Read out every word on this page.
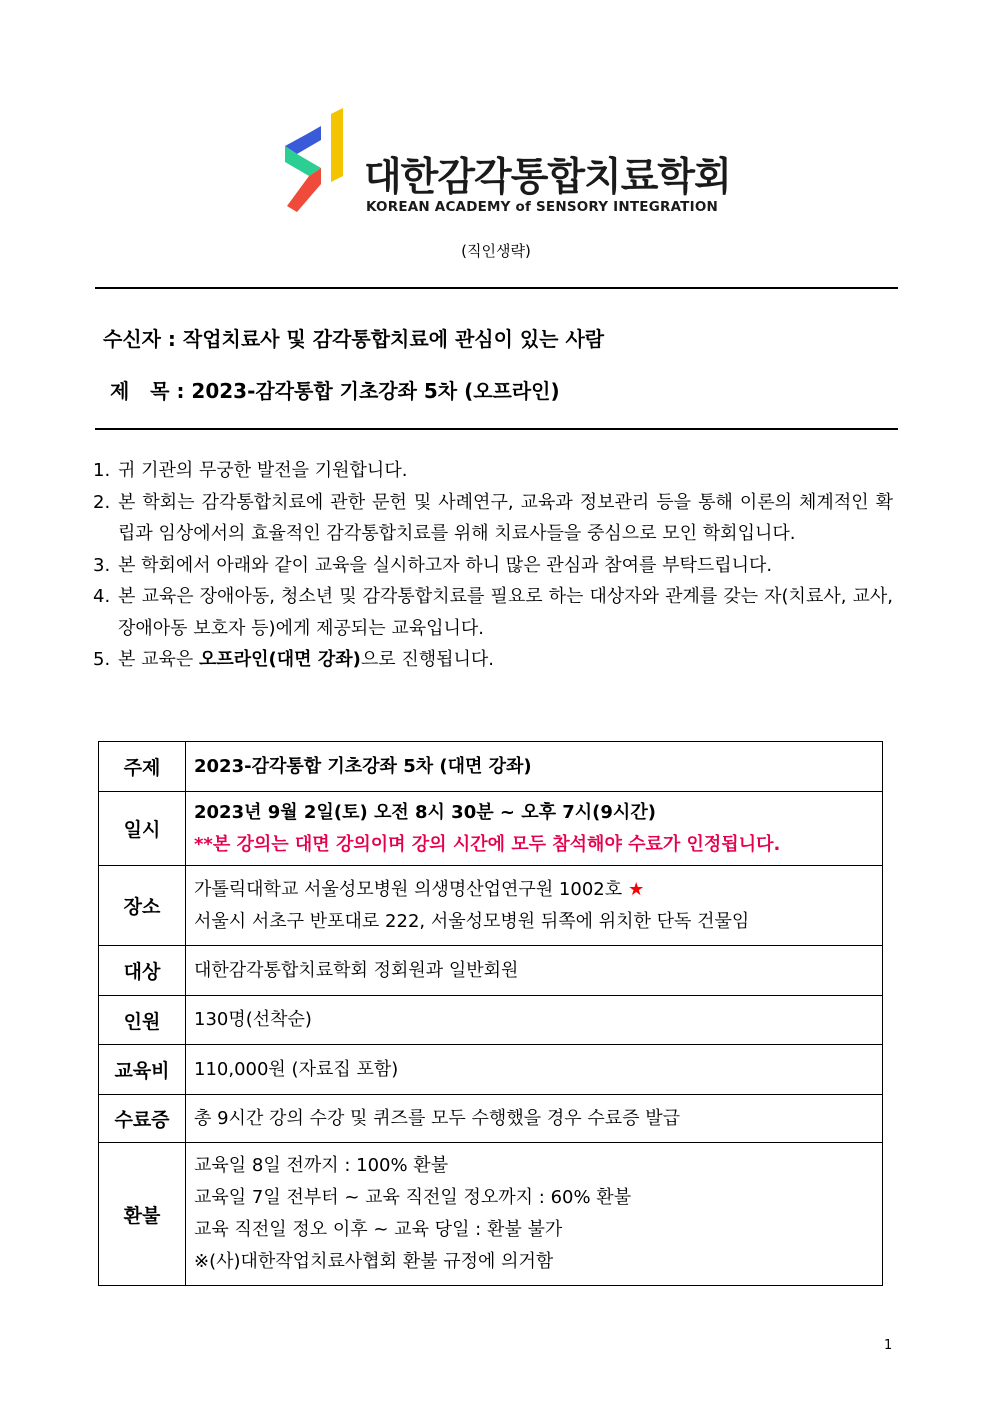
대한감각통합치료학회
KOREAN ACADEMY of SENSORY INTEGRATION
(직인생략)
수신자 : 작업치료사 및 감각통합치료에 관심이 있는 사람
제   목 : 2023-감각통합 기초강좌 5차 (오프라인)
1. 귀 기관의 무궁한 발전을 기원합니다.
2. 본 학회는 감각통합치료에 관한 문헌 및 사례연구, 교육과 정보관리 등을 통해 이론의 체계적인 확립과 임상에서의 효율적인 감각통합치료를 위해 치료사들을 중심으로 모인 학회입니다.
3. 본 학회에서 아래와 같이 교육을 실시하고자 하니 많은 관심과 참여를 부탁드립니다.
4. 본 교육은 장애아동, 청소년 및 감각통합치료를 필요로 하는 대상자와 관계를 갖는 자(치료사, 교사, 장애아동 보호자 등)에게 제공되는 교육입니다.
5. 본 교육은 오프라인(대면 강좌)으로 진행됩니다.
주제	2023-감각통합 기초강좌 5차 (대면 강좌)
일시	2023년 9월 2일(토) 오전 8시 30분 ~ 오후 7시(9시간)
**본 강의는 대면 강의이며 강의 시간에 모두 참석해야 수료가 인정됩니다.

장소	가톨릭대학교 서울성모병원 의생명산업연구원 1002호 ★
서울시 서초구 반포대로 222, 서울성모병원 뒤쪽에 위치한 단독 건물임

대상	대한감각통합치료학회 정회원과 일반회원
인원	130명(선착순)
교육비	110,000원 (자료집 포함)
수료증	총 9시간 강의 수강 및 퀴즈를 모두 수행했을 경우 수료증 발급
환불	교육일 8일 전까지 : 100% 환불
교육일 7일 전부터 ~ 교육 직전일 정오까지 : 60% 환불
교육 직전일 정오 이후 ~ 교육 당일 : 환불 불가
※(사)대한작업치료사협회 환불 규정에 의거함
1
